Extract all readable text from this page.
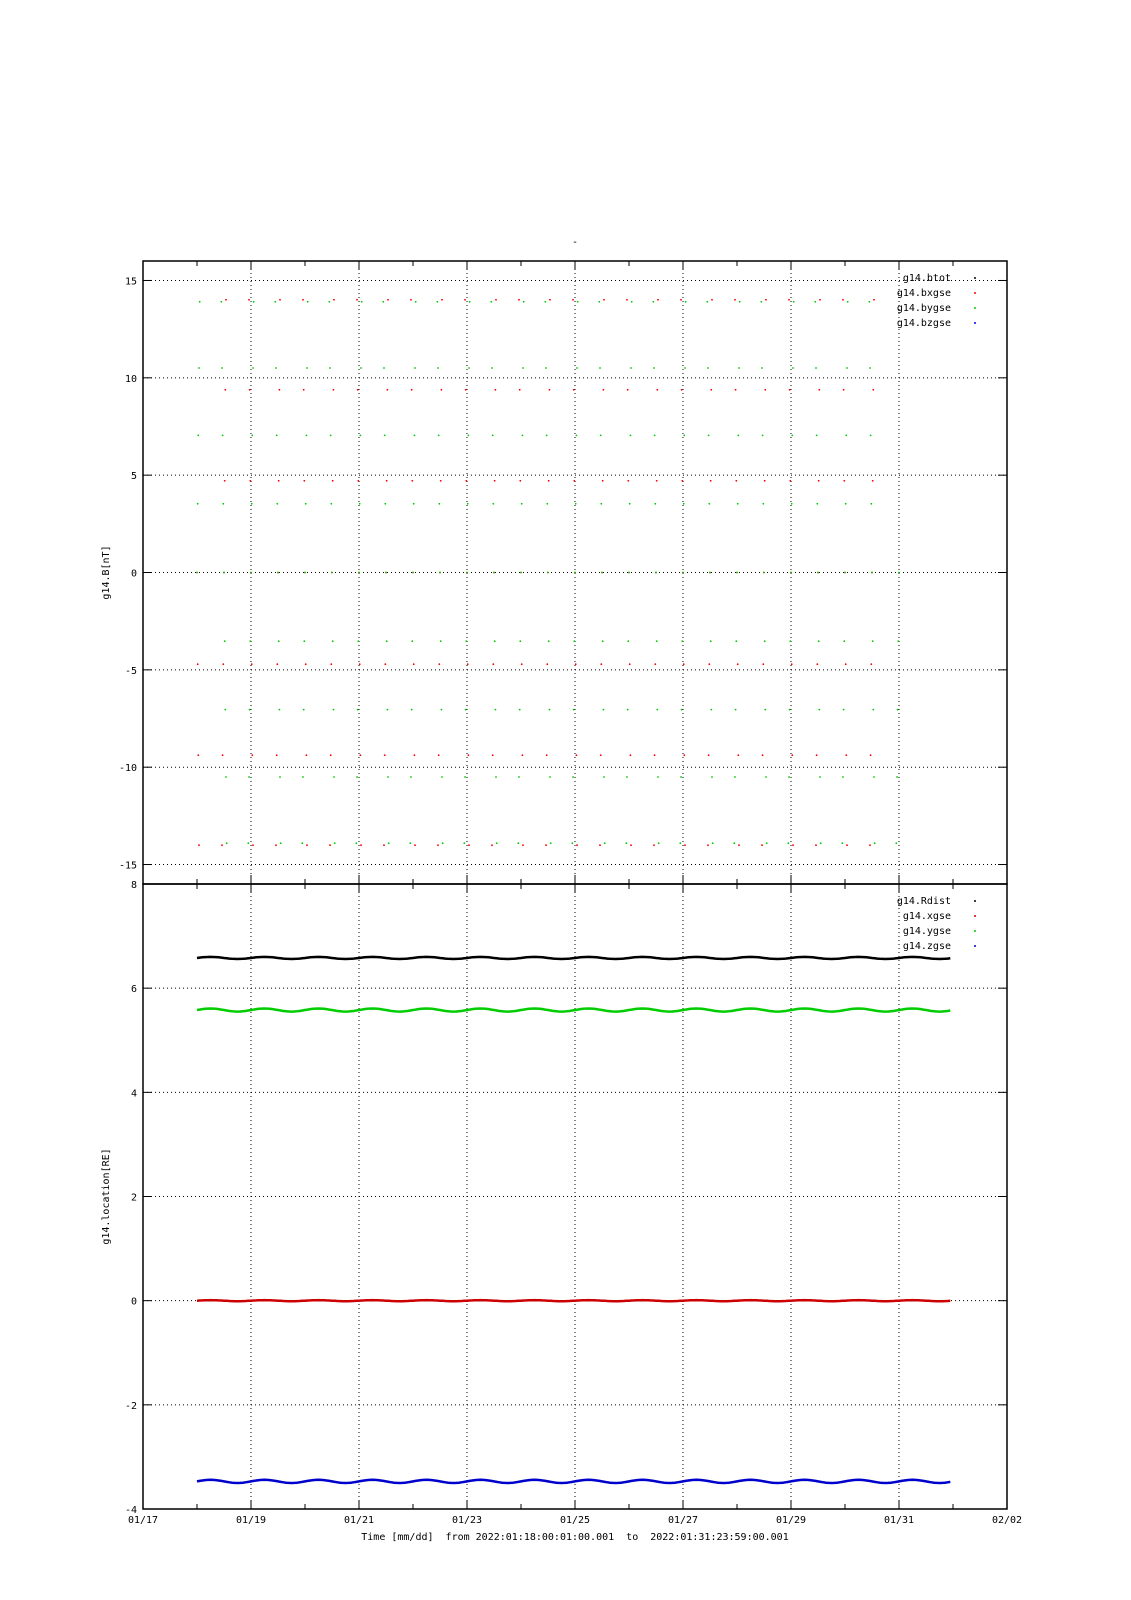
-15
-10
-5
0
5
10
15
g14.B[nT]
g14.btot
g14.bxgse
g14.bygse
g14.bzgse
01/17	01/19	01/21	01/23	01/25	01/27	01/29	01/31	02/02
-4
-2
0
2
4
6
8
g14.location[RE]
g14.Rdist
g14.xgse
g14.ygse
g14.zgse
-
Time [mm/dd]  from 2022:01:18:00:01:00.001  to  2022:01:31:23:59:00.001
